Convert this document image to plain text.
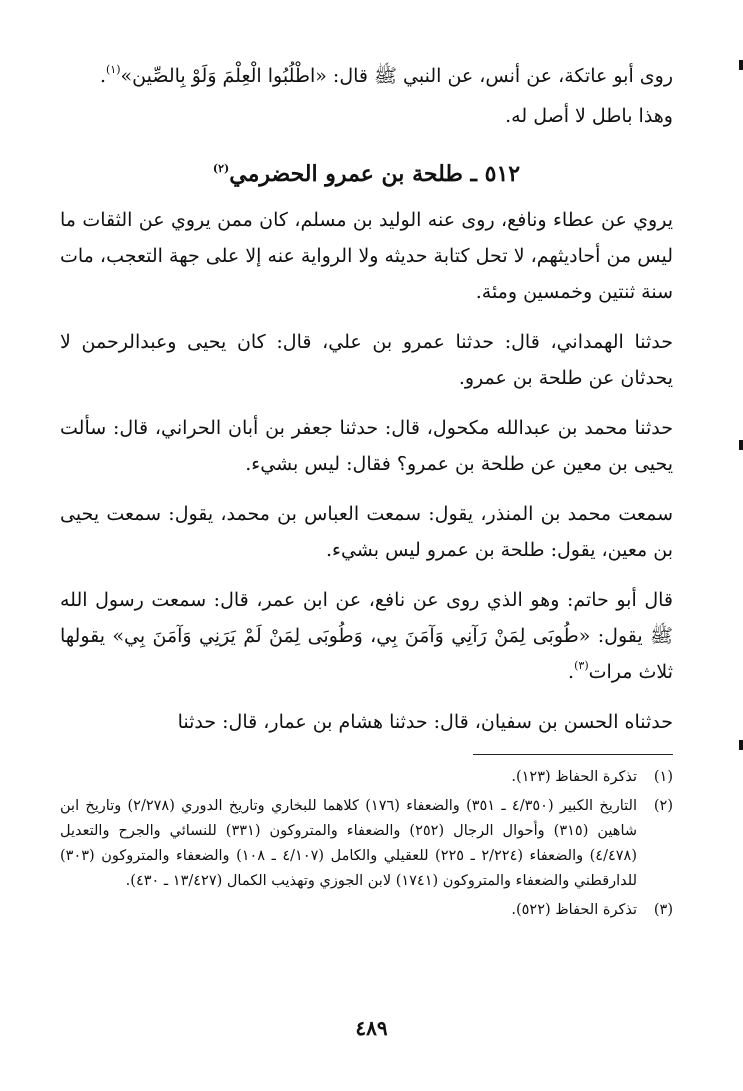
روى أبو عاتكة، عن أنس، عن النبي ﷺ قال: «اطْلُبُوا الْعِلْمَ وَلَوْ بِالصِّين»$^{(١)}$.

وهذا باطل لا أصل له.

٥١٢ ـ طلحة بن عمرو الحضرمي$^{(٢)}$

يروي عن عطاء ونافع، روى عنه الوليد بن مسلم، كان ممن يروي عن الثقات ما ليس من أحاديثهم، لا تحل كتابة حديثه ولا الرواية عنه إلا على جهة التعجب، مات سنة ثنتين وخمسين ومئة.

حدثنا الهمداني، قال: حدثنا عمرو بن علي، قال: كان يحيى وعبدالرحمن لا يحدثان عن طلحة بن عمرو.

حدثنا محمد بن عبدالله مكحول، قال: حدثنا جعفر بن أبان الحراني، قال: سألت يحيى بن معين عن طلحة بن عمرو؟ فقال: ليس بشيء.

سمعت محمد بن المنذر، يقول: سمعت العباس بن محمد، يقول: سمعت يحيى بن معين، يقول: طلحة بن عمرو ليس بشيء.

قال أبو حاتم: وهو الذي روى عن نافع، عن ابن عمر، قال: سمعت رسول الله ﷺ يقول: «طُوبَى لِمَنْ رَآنِي وَآمَنَ بِي، وَطُوبَى لِمَنْ لَمْ يَرَنِي وَآمَنَ بِي» يقولها ثلاث مرات$^{(٣)}$.

حدثناه الحسن بن سفيان، قال: حدثنا هشام بن عمار، قال: حدثنا

(١)
تذكرة الحفاظ (١٢٣).
(٢)
التاريخ الكبير (٤/٣٥٠ ـ ٣٥١) والضعفاء (١٧٦) كلاهما للبخاري وتاريخ الدوري (٢/٢٧٨) وتاريخ ابن شاهين (٣١٥) وأحوال الرجال (٢٥٢) والضعفاء والمتروكون (٣٣١) للنسائي والجرح والتعديل (٤/٤٧٨) والضعفاء (٢/٢٢٤ ـ ٢٢٥) للعقيلي والكامل (٤/١٠٧ ـ ١٠٨) والضعفاء والمتروكون (٣٠٣) للدارقطني والضعفاء والمتروكون (١٧٤١) لابن الجوزي وتهذيب الكمال (١٣/٤٢٧ ـ ٤٣٠).
(٣)
تذكرة الحفاظ (٥٢٢).
٤٨٩
